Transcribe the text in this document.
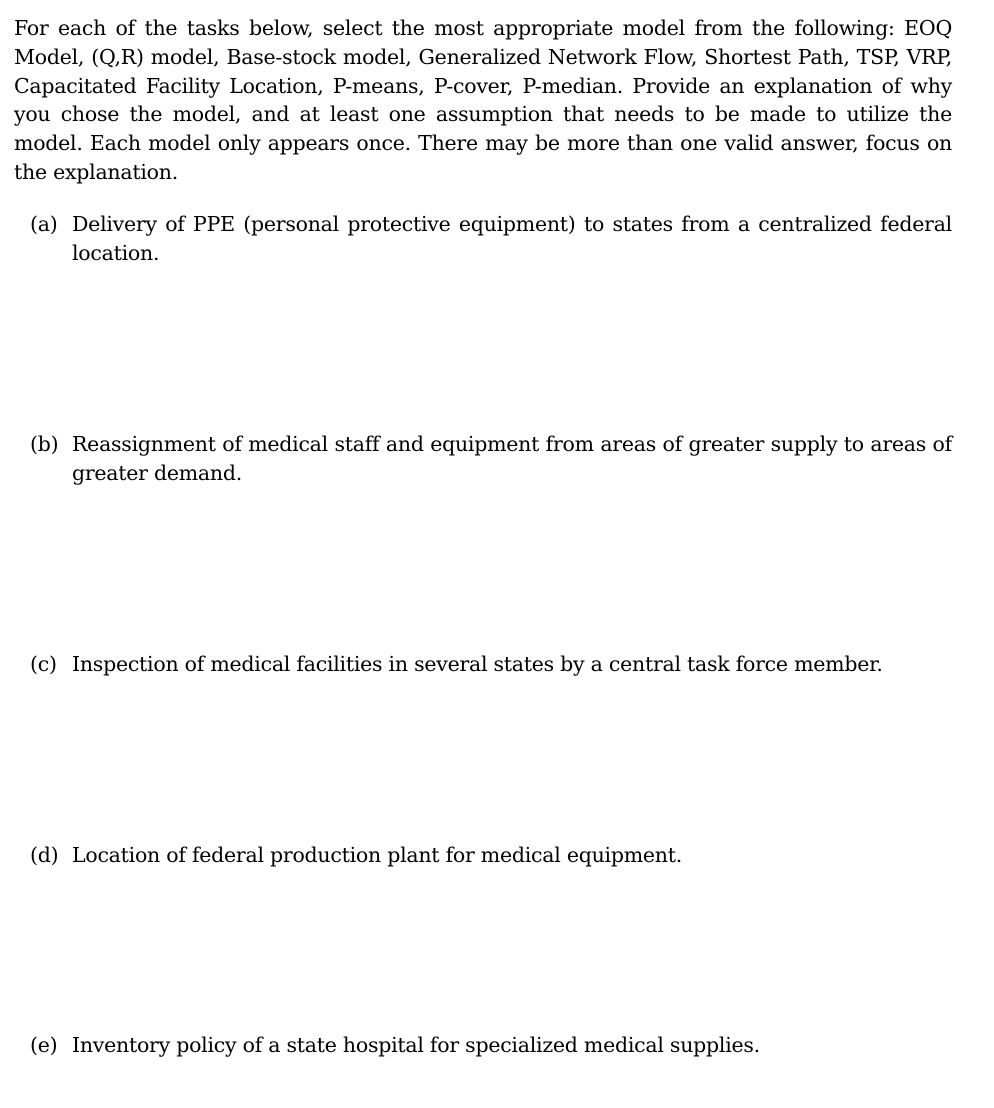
For each of the tasks below, select the most appropriate model from the following: EOQ Model, (Q,R) model, Base-stock model, Generalized Network Flow, Shortest Path, TSP, VRP, Capacitated Facility Location, P-means, P-cover, P-median. Provide an explanation of why you chose the model, and at least one assumption that needs to be made to utilize the model. Each model only appears once. There may be more than one valid answer, focus on the explanation.

(a) Delivery of PPE (personal protective equipment) to states from a centralized federal location.
(b) Reassignment of medical staff and equipment from areas of greater supply to areas of greater demand.
(c) Inspection of medical facilities in several states by a central task force member.
(d) Location of federal production plant for medical equipment.
(e) Inventory policy of a state hospital for specialized medical supplies.
